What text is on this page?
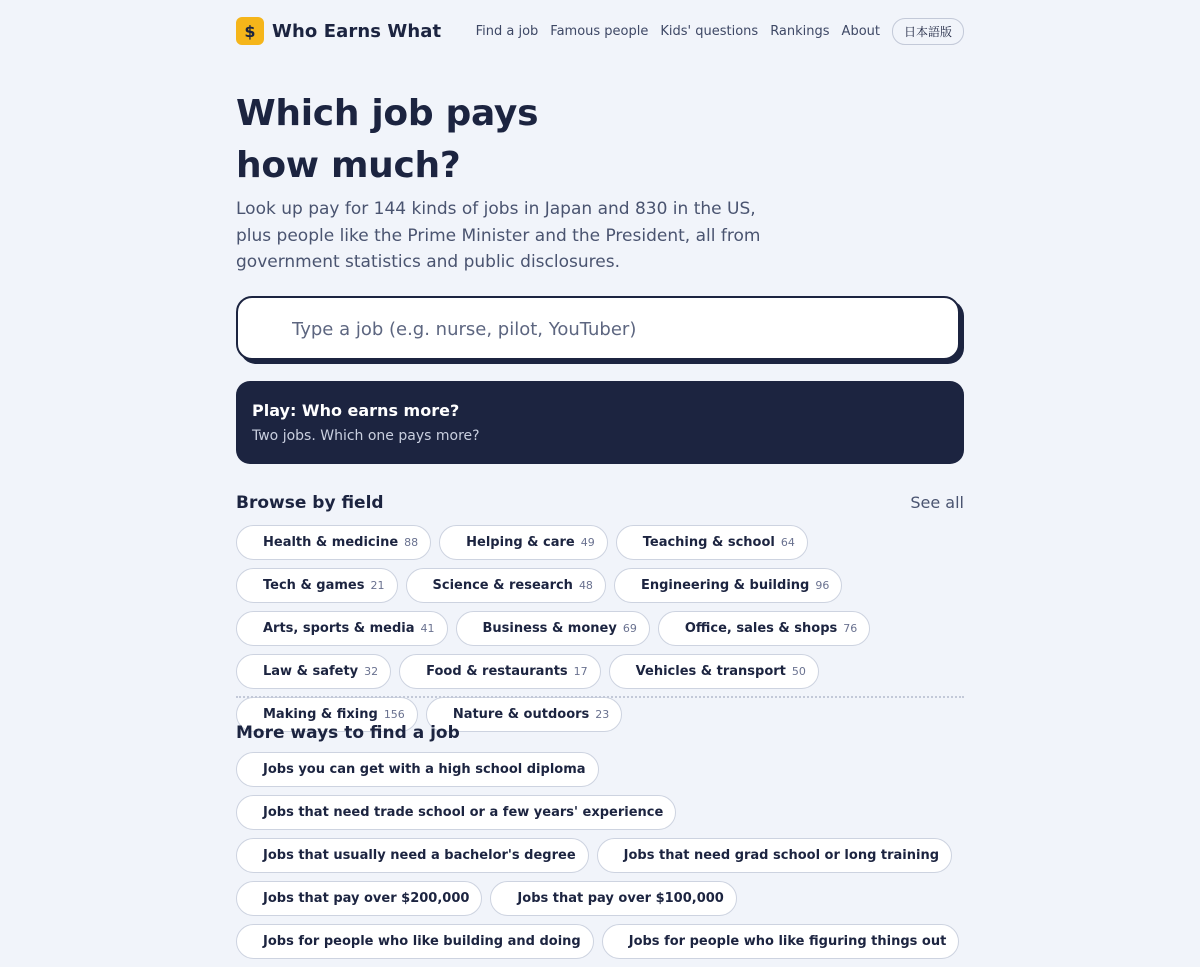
$ Who Earns What	Find a job Famous people Kids' questions Rankings About	日本語版
Which job pays
how much?

Look up pay for 144 kinds of jobs in Japan and 830 in the US, plus people like the Prime Minister and the President, all from government statistics and public disclosures.

Type a job (e.g. nurse, pilot, YouTuber)
Play: Who earns more?
Two jobs. Which one pays more?
Browse by field	See all
Health & medicine 88	Helping & care 49	Teaching & school 64
Tech & games 21	Science & research 48	Engineering & building 96
Arts, sports & media 41	Business & money 69	Office, sales & shops 76
Law & safety 32	Food & restaurants 17	Vehicles & transport 50
Making & fixing 156	Nature & outdoors 23
More ways to find a job
Jobs you can get with a high school diploma
Jobs that need trade school or a few years' experience
Jobs that usually need a bachelor's degree	Jobs that need grad school or long training
Jobs that pay over $200,000	Jobs that pay over $100,000
Jobs for people who like building and doing	Jobs for people who like figuring things out
